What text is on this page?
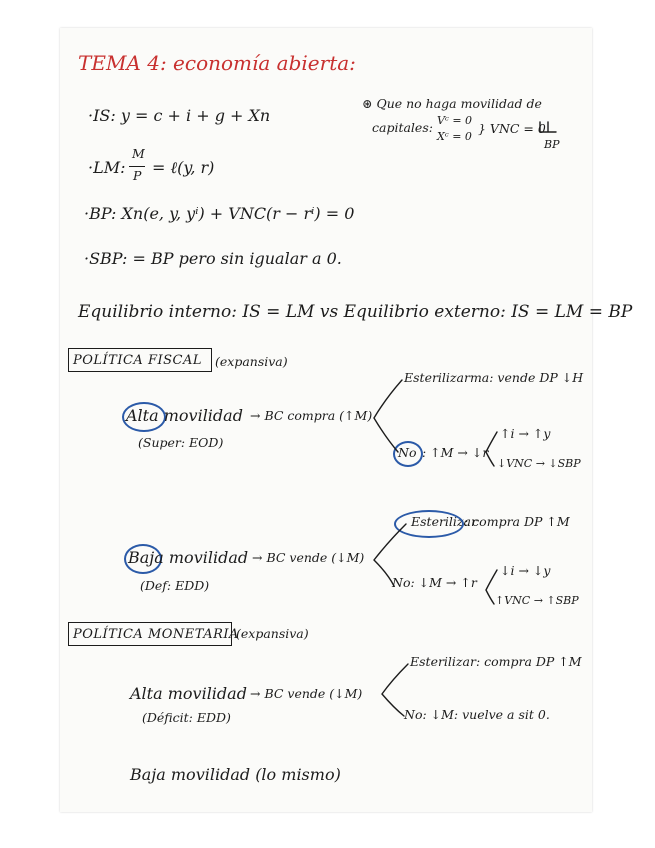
TEMA 4: economía abierta:
·IS: y = c + i + g + Xn
·LM:
M
P = ℓ(y, r)
·BP: Xn(e, y, yⁱ) + VNC(r − rⁱ) = 0
·SBP: = BP pero sin igualar a 0.
⊛ Que no haga movilidad de
capitales: Vᶜ = 0
Xᶜ = 0
} VNC = 0
BP
Equilibrio interno: IS = LM vs Equilibrio externo: IS = LM = BP
POLÍTICA FISCAL (expansiva)
Alta movilidad → BC compra (↑M)
(Super: EOD)
Esterilizarma: vende DP ↓H
No : ↑M → ↓r
↑i → ↑y
↓VNC → ↓SBP
Esterilizar
: compra DP ↑M
Baja movilidad → BC vende (↓M)
(Def: EDD)	No: ↓M → ↑r
↓i → ↓y
↑VNC → ↑SBP
POLÍTICA MONETARIA
(expansiva)
Esterilizar: compra DP ↑M
Alta movilidad → BC vende (↓M)
(Déficit: EDD)	No: ↓M: vuelve a sit 0.
Baja movilidad (lo mismo)
